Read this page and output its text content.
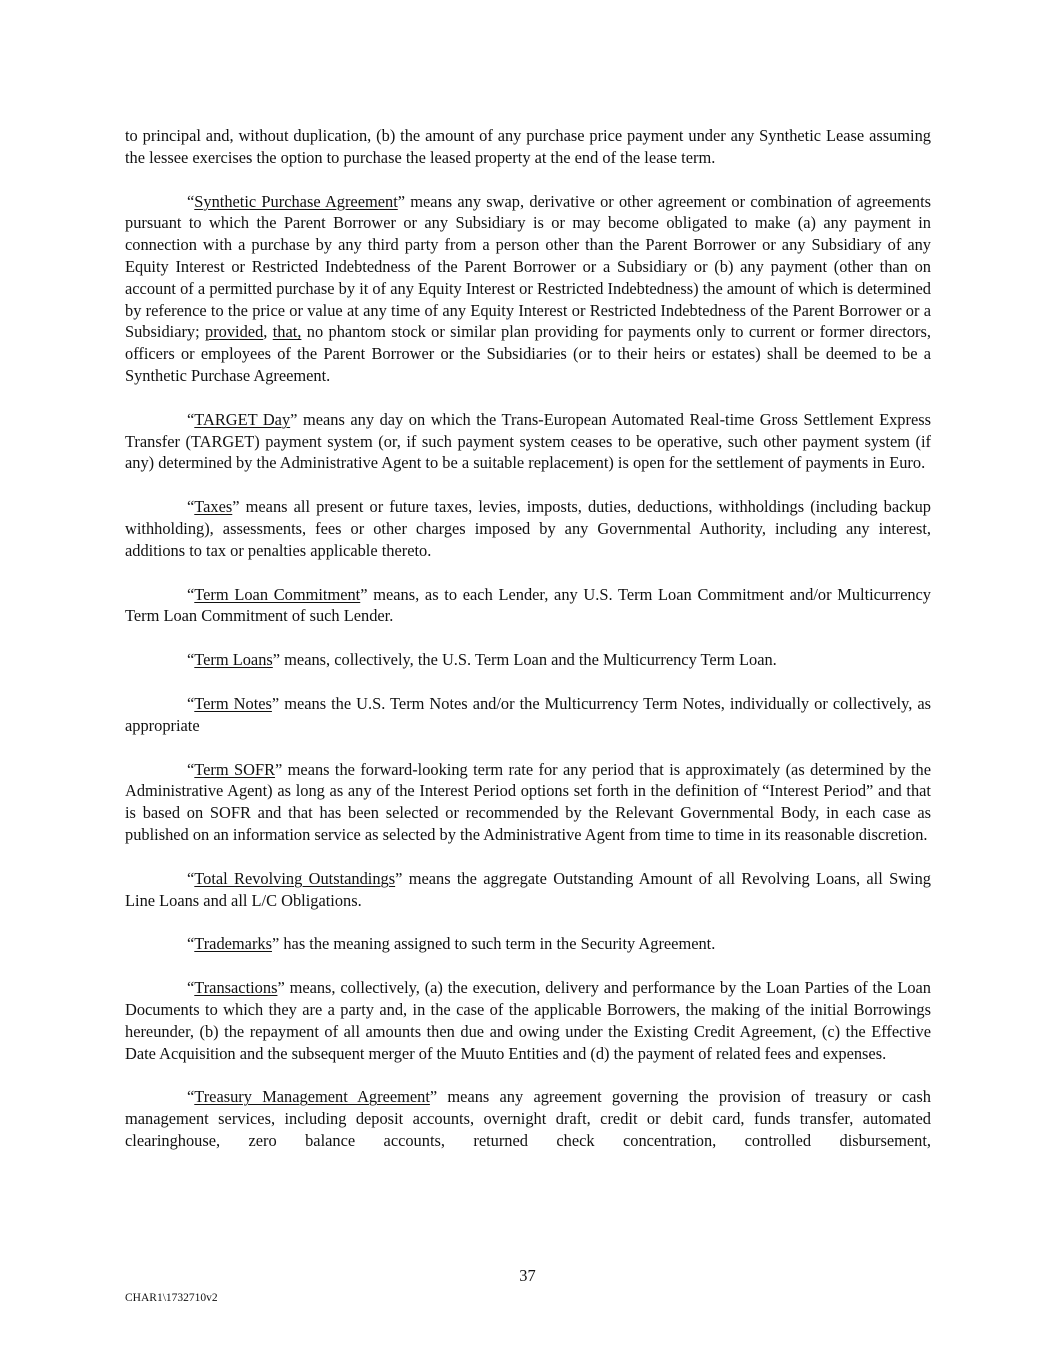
to principal and, without duplication, (b) the amount of any purchase price payment under any Synthetic Lease assuming the lessee exercises the option to purchase the leased property at the end of the lease term.

“Synthetic Purchase Agreement” means any swap, derivative or other agreement or combination of agreements pursuant to which the Parent Borrower or any Subsidiary is or may become obligated to make (a) any payment in connection with a purchase by any third party from a person other than the Parent Borrower or any Subsidiary of any Equity Interest or Restricted Indebtedness of the Parent Borrower or a Subsidiary or (b) any payment (other than on account of a permitted purchase by it of any Equity Interest or Restricted Indebtedness) the amount of which is determined by reference to the price or value at any time of any Equity Interest or Restricted Indebtedness of the Parent Borrower or a Subsidiary; provided, that, no phantom stock or similar plan providing for payments only to current or former directors, officers or employees of the Parent Borrower or the Subsidiaries (or to their heirs or estates) shall be deemed to be a Synthetic Purchase Agreement.

“TARGET Day” means any day on which the Trans-European Automated Real-time Gross Settlement Express Transfer (TARGET) payment system (or, if such payment system ceases to be operative, such other payment system (if any) determined by the Administrative Agent to be a suitable replacement) is open for the settlement of payments in Euro.

“Taxes” means all present or future taxes, levies, imposts, duties, deductions, withholdings (including backup withholding), assessments, fees or other charges imposed by any Governmental Authority, including any interest, additions to tax or penalties applicable thereto.

“Term Loan Commitment” means, as to each Lender, any U.S. Term Loan Commitment and/or Multicurrency Term Loan Commitment of such Lender.

“Term Loans” means, collectively, the U.S. Term Loan and the Multicurrency Term Loan.

“Term Notes” means the U.S. Term Notes and/or the Multicurrency Term Notes, individually or collectively, as appropriate

“Term SOFR” means the forward-looking term rate for any period that is approximately (as determined by the Administrative Agent) as long as any of the Interest Period options set forth in the definition of “Interest Period” and that is based on SOFR and that has been selected or recommended by the Relevant Governmental Body, in each case as published on an information service as selected by the Administrative Agent from time to time in its reasonable discretion.

“Total Revolving Outstandings” means the aggregate Outstanding Amount of all Revolving Loans, all Swing Line Loans and all L/C Obligations.

“Trademarks” has the meaning assigned to such term in the Security Agreement.

“Transactions” means, collectively, (a) the execution, delivery and performance by the Loan Parties of the Loan Documents to which they are a party and, in the case of the applicable Borrowers, the making of the initial Borrowings hereunder, (b) the repayment of all amounts then due and owing under the Existing Credit Agreement, (c) the Effective Date Acquisition and the subsequent merger of the Muuto Entities and (d) the payment of related fees and expenses.

“Treasury Management Agreement” means any agreement governing the provision of treasury or cash management services, including deposit accounts, overnight draft, credit or debit card, funds transfer, automated clearinghouse, zero balance accounts, returned check concentration, controlled disbursement,

37
CHAR1\1732710v2
